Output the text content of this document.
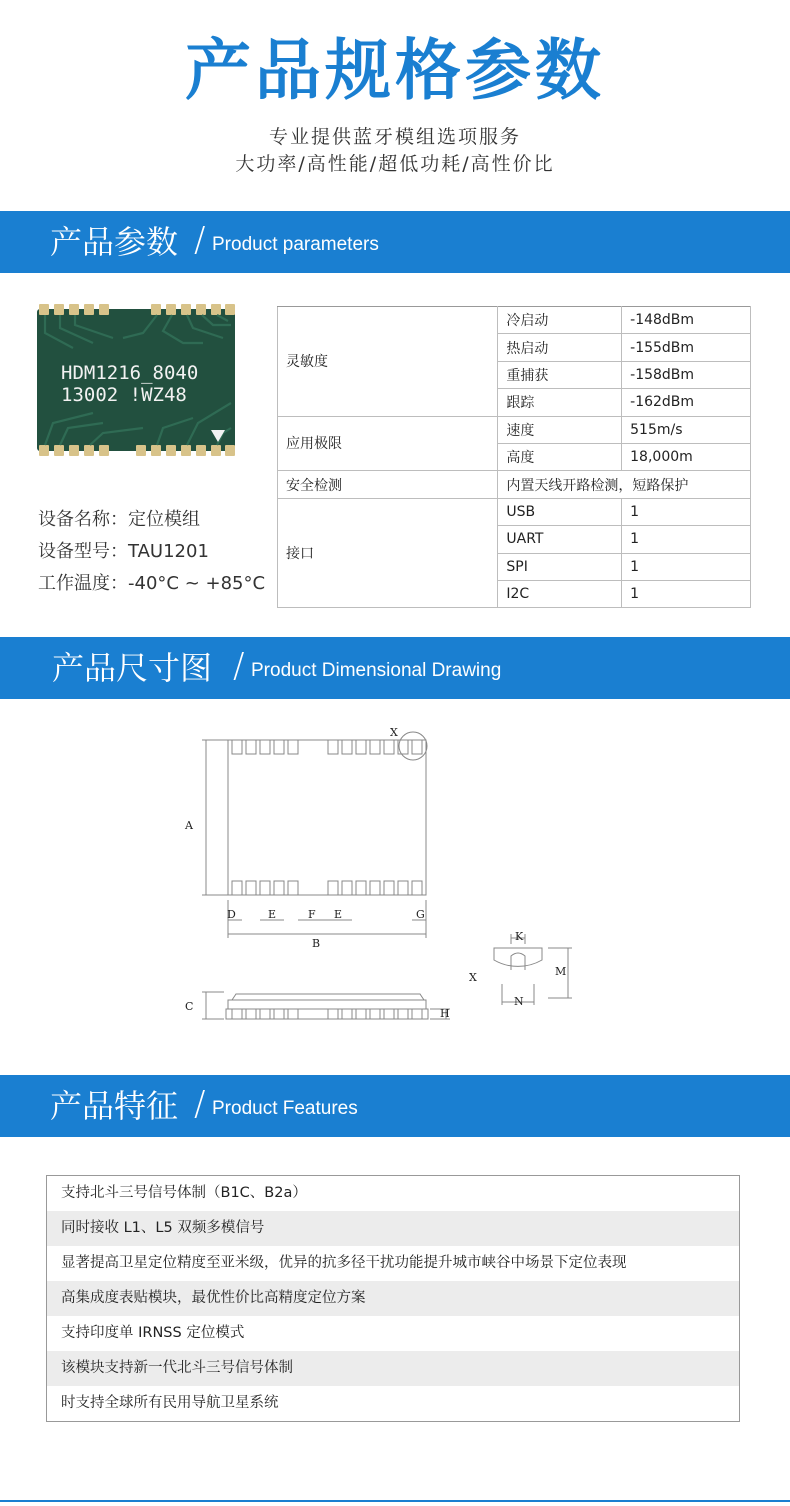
产品规格参数
专业提供蓝牙模组选项服务
大功率/高性能/超低功耗/高性价比
产品参数 / Product parameters
HDM1216_8040
13002 !WZ48
设备名称：定位模组
设备型号：TAU1201
工作温度：-40°C ~ +85°C
灵敏度	冷启动	-148dBm
	热启动	-155dBm
	重捕获	-158dBm
	跟踪	-162dBm
应用极限	速度	515m/s
	高度	18,000m
安全检测	内置天线开路检测，短路保护	
接口	USB	1
	UART	1
	SPI	1
	I2C	1
产品尺寸图 / Product Dimensional Drawing
A
B
C
D	E	F E	G
H
X
X
K
M
N
产品特征 / Product Features
支持北斗三号信号体制（B1C、B2a）
同时接收 L1、L5 双频多模信号
显著提高卫星定位精度至亚米级，优异的抗多径干扰功能提升城市峡谷中场景下定位表现
高集成度表贴模块，最优性价比高精度定位方案
支持印度单 IRNSS 定位模式
该模块支持新一代北斗三号信号体制
时支持全球所有民用导航卫星系统
